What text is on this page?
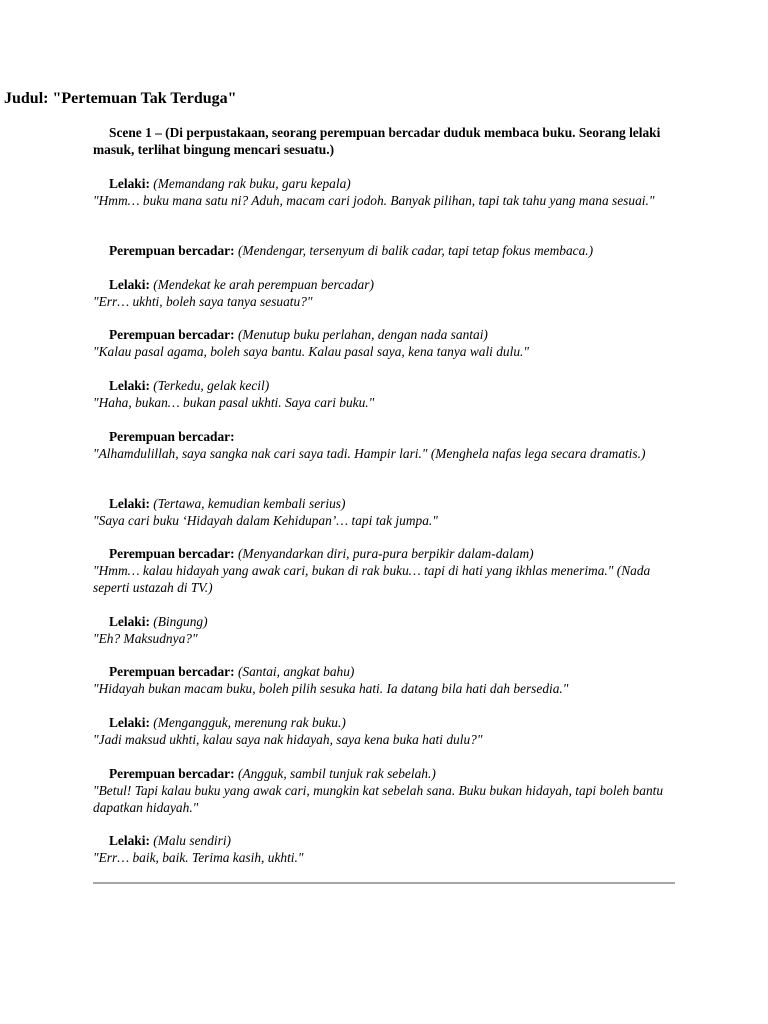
Judul: "Pertemuan Tak Terduga"
Scene 1 – (Di perpustakaan, seorang perempuan bercadar duduk membaca buku. Seorang lelaki masuk, terlihat bingung mencari sesuatu.)
Lelaki: (Memandang rak buku, garu kepala)
"Hmm… buku mana satu ni? Aduh, macam cari jodoh. Banyak pilihan, tapi tak tahu yang mana sesuai."
Perempuan bercadar: (Mendengar, tersenyum di balik cadar, tapi tetap fokus membaca.)
Lelaki: (Mendekat ke arah perempuan bercadar)
"Err… ukhti, boleh saya tanya sesuatu?"
Perempuan bercadar: (Menutup buku perlahan, dengan nada santai)
"Kalau pasal agama, boleh saya bantu. Kalau pasal saya, kena tanya wali dulu."
Lelaki: (Terkedu, gelak kecil)
"Haha, bukan… bukan pasal ukhti. Saya cari buku."
Perempuan bercadar:
"Alhamdulillah, saya sangka nak cari saya tadi. Hampir lari." (Menghela nafas lega secara dramatis.)
Lelaki: (Tertawa, kemudian kembali serius)
"Saya cari buku ‘Hidayah dalam Kehidupan’… tapi tak jumpa."
Perempuan bercadar: (Menyandarkan diri, pura-pura berpikir dalam-dalam)
"Hmm… kalau hidayah yang awak cari, bukan di rak buku… tapi di hati yang ikhlas menerima." (Nada seperti ustazah di TV.)
Lelaki: (Bingung)
"Eh? Maksudnya?"
Perempuan bercadar: (Santai, angkat bahu)
"Hidayah bukan macam buku, boleh pilih sesuka hati. Ia datang bila hati dah bersedia."
Lelaki: (Mengangguk, merenung rak buku.)
"Jadi maksud ukhti, kalau saya nak hidayah, saya kena buka hati dulu?"
Perempuan bercadar: (Angguk, sambil tunjuk rak sebelah.)
"Betul! Tapi kalau buku yang awak cari, mungkin kat sebelah sana. Buku bukan hidayah, tapi boleh bantu dapatkan hidayah."
Lelaki: (Malu sendiri)
"Err… baik, baik. Terima kasih, ukhti."
